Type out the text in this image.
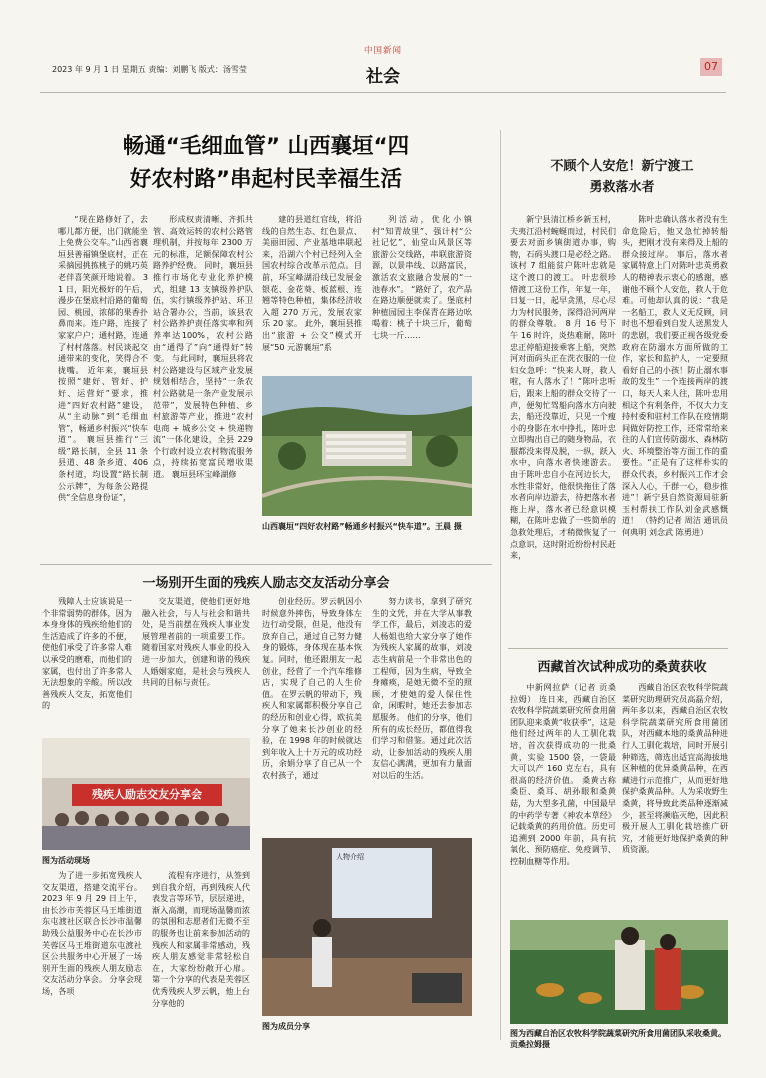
中国新闻
2023 年 9 月 1 日 星期五 责编：刘鹏飞 版式：汤雪莹	社会
07
畅通“毛细血管” 山西襄垣“四
好农村路”串起村民幸福生活

“现在路修好了，去哪儿都方便，出门就能坐上免费公交车。”山西省襄垣县善福镇堡底村，正在采摘园挑拣桃子的姚巧英老伴喜笑颜开地说着。 31 日，阳光极好的午后，漫步在堡底村沿路的葡萄园、桃园，浓郁的果香扑鼻而来。连户路，连接了家家户户；通村路，连通了村村落落。村民谈起交通带来的变化，笑得合不拢嘴。 近年来，襄垣县按照“建好、管好、护好、运营好”要求，推进“四好农村路”建设，从“主动脉”到“毛细血管”，畅通乡村振兴“快车道”。 襄垣县推行“三级”路长制，全县 11 条县道、48 条乡道、406 条村道，均设置“路长制公示牌”，为每条公路提供“全信息身份证”，

形成权责清晰、齐抓共管、高效运转的农村公路管理机制，并按每年 2300 万元的标准，足额保障农村公路养护经费。 同时，襄垣县推行市场化专业化养护模式，组建 13 支镇级养护队伍，实行镇级养护站、环卫站合署办公，当前，该县农村公路养护责任落实率和列养率达100%，农村公路由“通得了”向“通得好”转变。 与此同时，襄垣县将农村公路建设与区域产业发展规划相结合，坚持“一条农村公路就是一条产业发展示范带”，发展特色种植、乡村旅游等产业，推进“农村电商 + 城乡公交 + 快递物流”一体化建设，全县 229 个行政村设立农村物流服务点，持续拓宽富民增收渠道。 襄垣县环宝峰湖修

建的县道红官线，将沿线的自然生态、红色景点、美丽田园、产业基地串联起来，沿湖六个村已经列入全国农村综合改革示范点。目前，环宝峰湖沿线已发展金银花、金花葵、板蓝根、连翘等特色种植，集体经济收入超 270 万元，发展农家乐 20 家。 此外，襄垣县推出“旅游 + 公交”模式开展“50 元游襄垣”系

列活动，优化小镇村“知青故里”、强计村“公社记忆”、仙堂山风景区等旅游公交线路，串联旅游资源，以景串线、以路富民，激活农文旅融合发展的“一池春水”。 “路好了，农产品在路边顺便就卖了。堡底村种植园园主李保青在路边吆喝着：桃子十块三斤，葡萄七块一斤……

山西襄垣“四好农村路”畅通乡村振兴“快车道”。王晨 摄
一场别开生面的残疾人励志交友活动分享会

残障人士应该说是一个非常弱势的群体，因为本身身体的残疾给他们的生活造成了许多的不便，使他们承受了许多常人难以承受的磨难，而他们的家属，也付出了许多常人无法想象的辛酸。所以改善残疾人交友，拓宽他们的

交友渠道，使他们更好地融入社会，与人与社会和谐共处，是当前摆在残疾人事业发展管理者前的一项重要工作。随着国家对残疾人事业的投入进一步加大，创建和谐的残疾人婚姻家庭，是社会与残疾人共同的目标与责任。

创业经历。罗云帆因小时候意外摔伤，导致身体左边行动受限，但是，他没有放弃自己，通过自己努力健身的锻炼，身体现在基本恢复。同时，他还跟朋友一起创业，经营了一个汽车维修店，实现了自己的人生价值。 在罗云帆的带动下，残疾人和家属都积极分享自己的经历和创业心得，欧抗美分享了她来长沙创业的经验，在 1998 年的时候就达到年收入上十万元的成功经历，余娟分享了自己从一个农村孩子，通过

努力读书，拿到了研究生的文凭，并在大学从事教学工作，最后，刘凌志的爱人杨姐也给大家分享了她作为残疾人家属的故事，刘凌志生病前是一个非常出色的工程师，因为生病，导致全身瘫痪，是她无微不至的照顾，才使她的爱人保住性命，闲暇时，她还去参加志愿服务。 他们的分享，他们所有的成长经历，都值得我们学习和借鉴。通过此次活动，让参加活动的残疾人朋友信心满满，更加有力量面对以后的生活。

残疾人励志交友分享会
图为活动现场

为了进一步拓宽残疾人交友渠道，搭建交流平台。2023 年 9 月 29 日上午，由长沙市芙蓉区马王堆街道东屯渡社区联合长沙市温馨助残公益服务中心在长沙市芙蓉区马王堆街道东屯渡社区公共服务中心开展了一场别开生面的残疾人朋友励志交友活动分享会。 分享会现场，各项

流程有序进行，从签到到自我介绍，再到残疾人代表发言等环节，层层递进，渐入高潮，而现场温馨而浓的氛围和志愿者们无微不至的服务也让前来参加活动的残疾人和家属非常感动，残疾人朋友感觉非常轻松自在，大家纷纷敞开心扉。 第一个分享的代表是芙蓉区优秀残疾人罗云帆，他上台分享他的

人物介绍
图为成员分享
不顾个人安危！新宁渡工
勇救落水者

新宁县清江桥乡新玉村，夫夷江沿村蜿蜒而过，村民们要去对面乡镇街道办事，购物，石码头渡口是必经之路。该村 7 组能贫户陈叶忠就是这个渡口的渡工。 叶忠很珍惜渡工这份工作，年复一年，日复一日，起早贪黑，尽心尽力为村民服务，深得沿河两岸的群众尊敬。 8 月 16 号下午 16 时许，炎热难耐，陈叶忠正停船迎接乘客上船，突然河对面码头正在洗衣服的一位妇女急呼：“快来人呀，救人啦，有人落水了！”陈叶忠听后，跟来上船的群众交待了一声，便匆忙驾船向落水方向驶去，船还没靠近，只见一个瘦小的身影在水中挣扎，陈叶忠立即掏出自己的随身物品，衣服都没来得及脱，一纵，跃入水中，向落水者快速游去。 由于陈叶忠自小在河边长大，水性非常好，他很快拖住了落水者向岸边游去，待把落水者拖上岸，落水者已经意识模糊，在陈叶忠做了一些简单的急救处理后，才稍微恢复了一点意识，这时附近纷纷村民赶来，

陈叶忠确认落水者没有生命危险后，他又急忙掉转船头，把刚才没有来得及上船的群众接过岸。 事后，落水者家属特意上门对陈叶忠英勇救人的精神表示衷心的感谢，感谢他不顾个人安危，救人于危难。可他却认真的说：“我是一名船工，救人义无反顾，同时也不想看到自发人送黑发人的悲剧，我们要正视各级党委政府在防溺水方面所做的工作，家长和监护人，一定要照看好自己的小孩！防止溺水事故的发生” 一个连接两岸的渡口，每天人来人往，陈叶忠用相这个有利条件，不仅大力支持村委和驻村工作队在疫情期间做好防控工作，还常常给来往的人们宣传防溺水、森林防火、环境整治等方面工作的重要性。“正是有了这样朴实的群众代表，乡村振兴工作才会深入人心，干群一心，稳步推进”！新宁县自然资源局驻新玉村帮扶工作队刘金武感慨道！ （特约记者 周洁 通讯员 何典明 刘念武 陈勇进）

西藏首次试种成功的桑黄获收

中新网拉萨（记者 贡桑拉姆） 连日来，西藏自治区农牧科学院蔬菜研究所食用菌团队迎来桑黄“收获季”，这是他们经过两年的人工驯化栽培，首次获得成功的一批桑黄，实验 1500 袋，一袋最大可以产 160 克左右，具有很高的经济价值。 桑黄古称桑臣、桑耳、胡孙眼和桑黄菇，为大型多孔菌，中国最早的中药学专著《神农本草经》记载桑黄的药用价值。历史可追溯到 2000 年前，具有抗氧化、预防癌症、免疫调节、控制血糖等作用。

西藏自治区农牧科学院蔬菜研究助理研究员高磊介绍，两年多以来，西藏自治区农牧科学院蔬菜研究所食用菌团队，对西藏本地的桑黄品种进行人工驯化栽培，同时开展引种筛选，筛选出适宜高海拔地区种植的优异桑黄品种，在西藏进行示范推广，从而更好地保护桑黄品种。人为采收野生桑黄，将导致此类品种逐渐减少，甚至将濒临灭绝，因此积极开展人工驯化栽培推广研究，才能更好地保护桑黄的种质资源。

图为西藏自治区农牧科学院蔬菜研究所食用菌团队采收桑黄。贡桑拉姆摄
